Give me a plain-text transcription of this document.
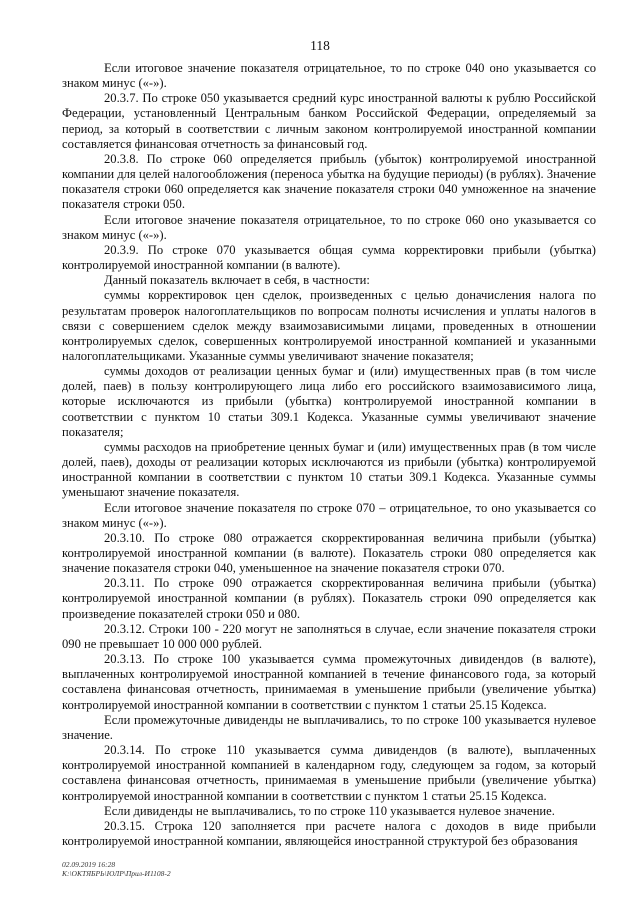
118

Если итоговое значение показателя отрицательное, то по строке 040 оно указывается со знаком минус («-»).

20.3.7. По строке 050 указывается средний курс иностранной валюты к рублю Российской Федерации, установленный Центральным банком Российской Федерации, определяемый за период, за который в соответствии с личным законом контролируемой иностранной компании составляется финансовая отчетность за финансовый год.

20.3.8. По строке 060 определяется прибыль (убыток) контролируемой иностранной компании для целей налогообложения (переноса убытка на будущие периоды) (в рублях). Значение показателя строки 060 определяется как значение показателя строки 040 умноженное на значение показателя строки 050.

Если итоговое значение показателя отрицательное, то по строке 060 оно указывается со знаком минус («-»).

20.3.9. По строке 070 указывается общая сумма корректировки прибыли (убытка) контролируемой иностранной компании (в валюте).

Данный показатель включает в себя, в частности:

суммы корректировок цен сделок, произведенных с целью доначисления налога по результатам проверок налогоплательщиков по вопросам полноты исчисления и уплаты налогов в связи с совершением сделок между взаимозависимыми лицами, проведенных в отношении контролируемых сделок, совершенных контролируемой иностранной компанией и указанными налогоплательщиками. Указанные суммы увеличивают значение показателя;

суммы доходов от реализации ценных бумаг и (или) имущественных прав (в том числе долей, паев) в пользу контролирующего лица либо его российского взаимозависимого лица, которые исключаются из прибыли (убытка) контролируемой иностранной компании в соответствии с пунктом 10 статьи 309.1 Кодекса. Указанные суммы увеличивают значение показателя;

суммы расходов на приобретение ценных бумаг и (или) имущественных прав (в том числе долей, паев), доходы от реализации которых исключаются из прибыли (убытка) контролируемой иностранной компании в соответствии с пунктом 10 статьи 309.1 Кодекса. Указанные суммы уменьшают значение показателя.

Если итоговое значение показателя по строке 070 – отрицательное, то оно указывается со знаком минус («-»).

20.3.10. По строке 080 отражается скорректированная величина прибыли (убытка) контролируемой иностранной компании (в валюте). Показатель строки 080 определяется как значение показателя строки 040, уменьшенное на значение показателя строки 070.

20.3.11. По строке 090 отражается скорректированная величина прибыли (убытка) контролируемой иностранной компании (в рублях). Показатель строки 090 определяется как произведение показателей строки 050 и 080.

20.3.12. Строки 100 - 220 могут не заполняться в случае, если значение показателя строки 090 не превышает 10 000 000 рублей.

20.3.13. По строке 100 указывается сумма промежуточных дивидендов (в валюте), выплаченных контролируемой иностранной компанией в течение финансового года, за который составлена финансовая отчетность, принимаемая в уменьшение прибыли (увеличение убытка) контролируемой иностранной компании в соответствии с пунктом 1 статьи 25.15 Кодекса.

Если промежуточные дивиденды не выплачивались, то по строке 100 указывается нулевое значение.

20.3.14. По строке 110 указывается сумма дивидендов (в валюте), выплаченных контролируемой иностранной компанией в календарном году, следующем за годом, за который составлена финансовая отчетность, принимаемая в уменьшение прибыли (увеличение убытка) контролируемой иностранной компании в соответствии с пунктом 1 статьи 25.15 Кодекса.

Если дивиденды не выплачивались, то по строке 110 указывается нулевое значение.

20.3.15. Строка 120 заполняется при расчете налога с доходов в виде прибыли контролируемой иностранной компании, являющейся иностранной структурой без образования

02.09.2019 16:28
К:\ОКТЯБРЬ\ЮЛР\Прил-И1108-2
